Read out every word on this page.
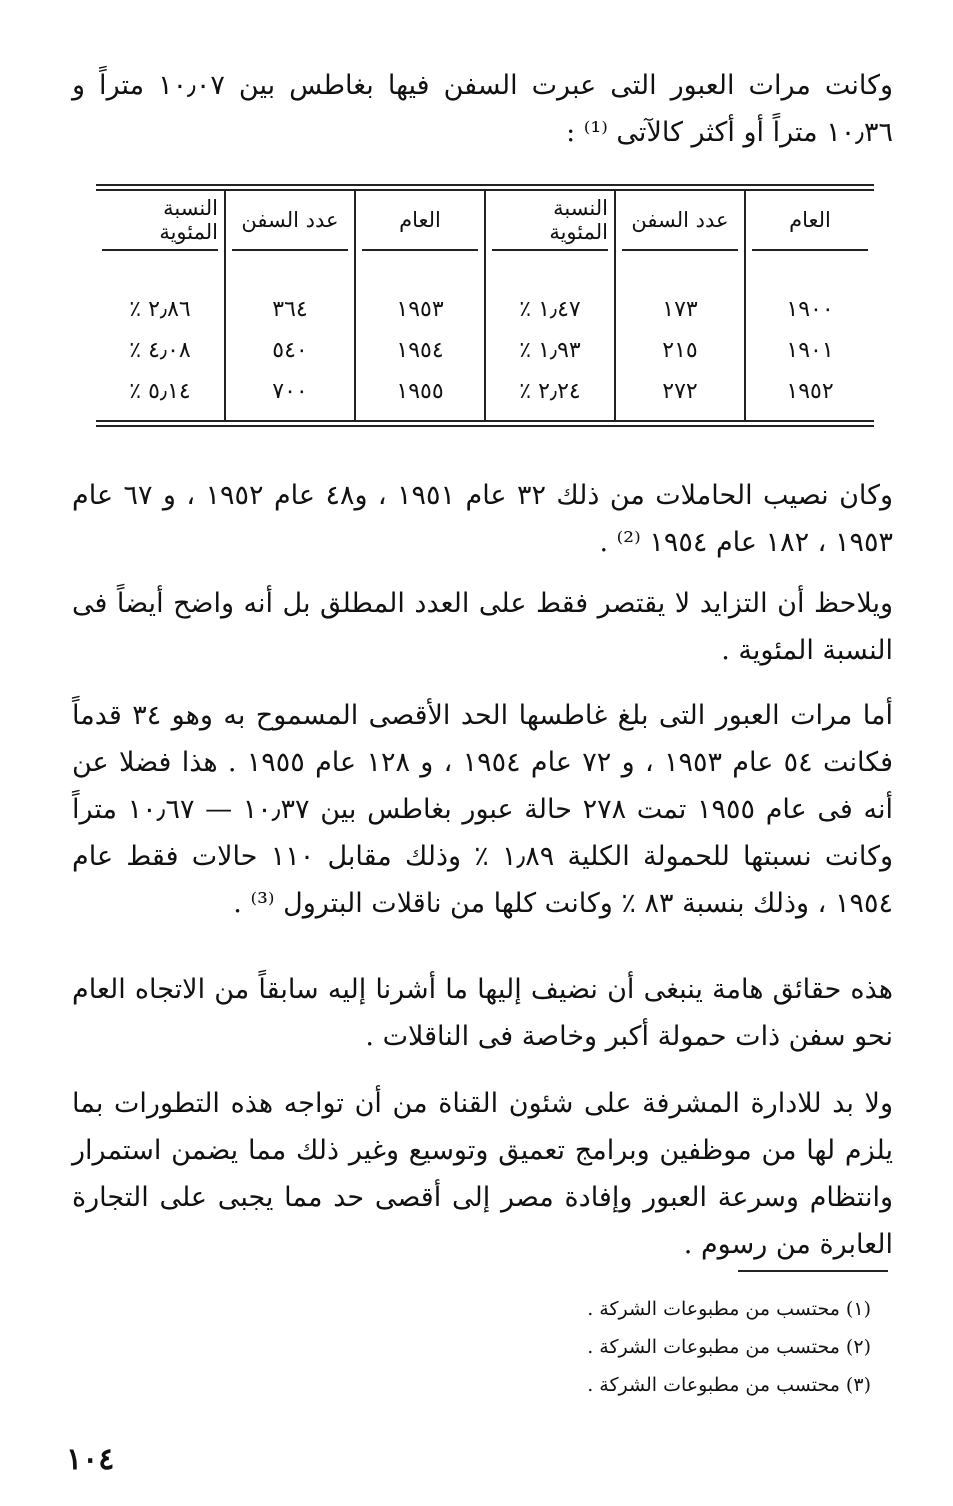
وكانت مرات العبور التى عبرت السفن فيها بغاطس بين ١٠٫٠٧ متراً و ١٠٫٣٦ متراً أو أكثر كالآتى ⁽¹⁾ :

العام
١٩٠٠
١٩٠١
١٩٥٢
عدد السفن
١٧٣
٢١٥
٢٧٢
النسبة المئوية
١٫٤٧ ٪
١٫٩٣ ٪
٢٫٢٤ ٪
العام
١٩٥٣
١٩٥٤
١٩٥٥
عدد السفن
٣٦٤
٥٤٠
٧٠٠
النسبة المئوية
٢٫٨٦ ٪
٤٫٠٨ ٪
٥٫١٤ ٪

وكان نصيب الحاملات من ذلك ٣٢ عام ١٩٥١ ، و٤٨ عام ١٩٥٢ ، و ٦٧ عام ١٩٥٣ ، ١٨٢ عام ١٩٥٤ ⁽²⁾ .

ويلاحظ أن التزايد لا يقتصر فقط على العدد المطلق بل أنه واضح أيضاً فى النسبة المئوية .

أما مرات العبور التى بلغ غاطسها الحد الأقصى المسموح به وهو ٣٤ قدماً فكانت ٥٤ عام ١٩٥٣ ، و ٧٢ عام ١٩٥٤ ، و ١٢٨ عام ١٩٥٥ . هذا فضلا عن أنه فى عام ١٩٥٥ تمت ٢٧٨ حالة عبور بغاطس بين ١٠٫٣٧ — ١٠٫٦٧ متراً وكانت نسبتها للحمولة الكلية ١٫٨٩ ٪ وذلك مقابل ١١٠ حالات فقط عام ١٩٥٤ ، وذلك بنسبة ٨٣ ٪ وكانت كلها من ناقلات البترول ⁽³⁾ .

هذه حقائق هامة ينبغى أن نضيف إليها ما أشرنا إليه سابقاً من الاتجاه العام نحو سفن ذات حمولة أكبر وخاصة فى الناقلات .

ولا بد للادارة المشرفة على شئون القناة من أن تواجه هذه التطورات بما يلزم لها من موظفين وبرامج تعميق وتوسيع وغير ذلك مما يضمن استمرار وانتظام وسرعة العبور وإفادة مصر إلى أقصى حد مما يجبى على التجارة العابرة من رسوم .

(١) محتسب من مطبوعات الشركة .
(٢) محتسب من مطبوعات الشركة .
(٣) محتسب من مطبوعات الشركة .
١٠٤
